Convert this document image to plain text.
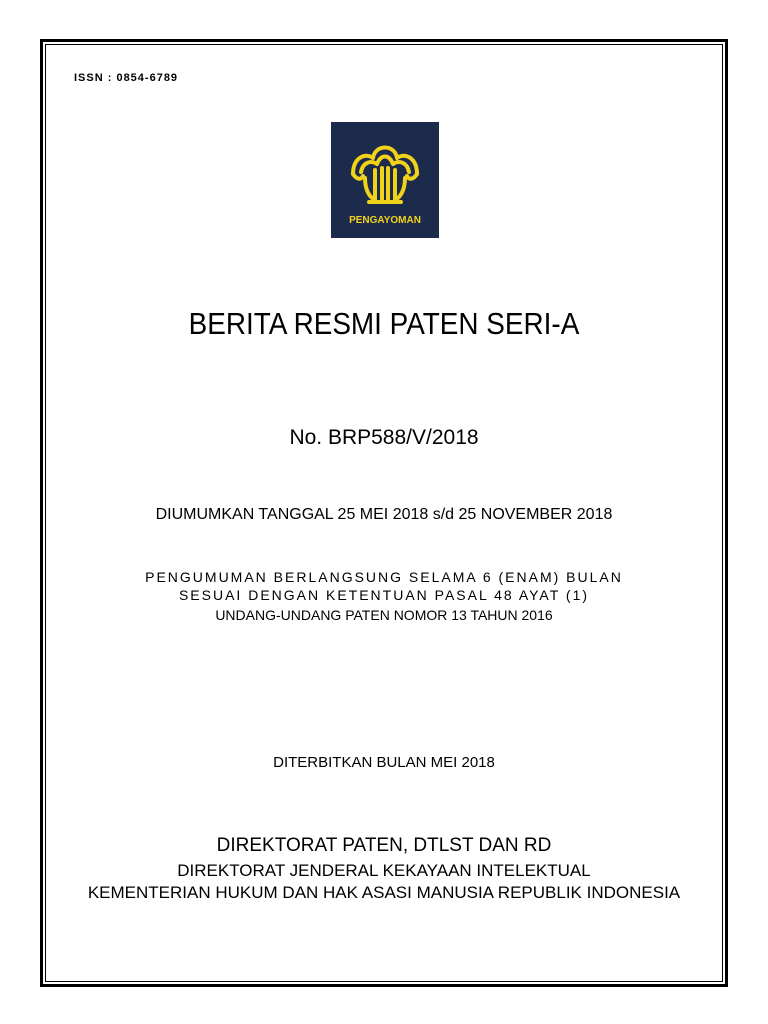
ISSN : 0854-6789
PENGAYOMAN
BERITA RESMI PATEN SERI-A
No. BRP588/V/2018
DIUMUMKAN TANGGAL 25 MEI 2018 s/d 25 NOVEMBER 2018
PENGUMUMAN BERLANGSUNG SELAMA 6 (ENAM) BULAN
SESUAI DENGAN KETENTUAN PASAL 48 AYAT (1)
UNDANG-UNDANG PATEN NOMOR 13 TAHUN 2016
DITERBITKAN BULAN MEI 2018
DIREKTORAT PATEN, DTLST DAN RD
DIREKTORAT JENDERAL KEKAYAAN INTELEKTUAL
KEMENTERIAN HUKUM DAN HAK ASASI MANUSIA REPUBLIK INDONESIA
